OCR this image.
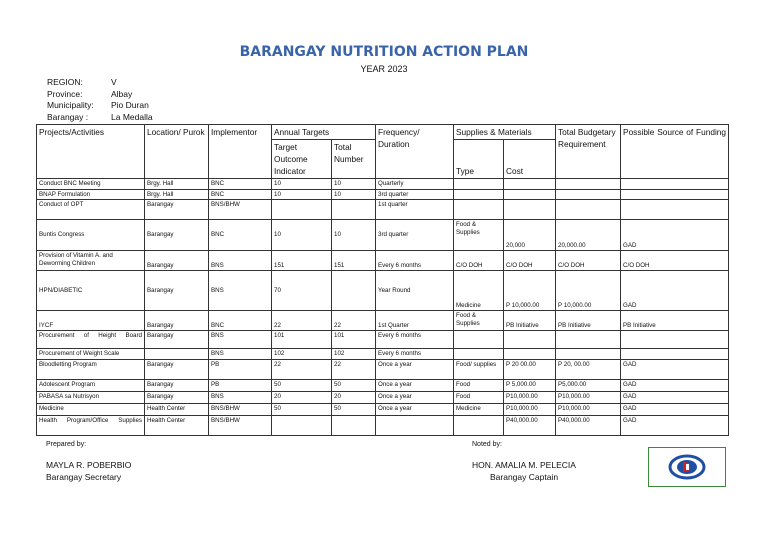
BARANGAY NUTRITION ACTION PLAN
YEAR 2023
REGION:	V
Province:	Albay
Municipality:	Pio Duran
Barangay :	La Medalla
Projects/Activities	Location/ Purok	Implementor	Annual Targets		Frequency/ Duration	Supplies & Materials		Total Budgetary Requirement	Possible Source of Funding
			Target Outcome Indicator	Total Number		Type	Cost		
Conduct BNC Meeting	Brgy. Hall	BNC	10	10	Quarterly				
BNAP Formulation	Brgy. Hall	BNC	10	10	3rd quarter				
Conduct of OPT	Barangay	BNS/BHW			1st quarter				
Buntis Congress	Barangay	BNC	10	10	3rd quarter	Food & Supplies	20,000	20,000.00	GAD
Provision of Vitamin A. and Deworming Children	Barangay	BNS	151	151	Every 6 months	C/O DOH	C/O DOH	C/O DOH	C/O DOH
HPN/DIABETIC	Barangay	BNS	70		Year Round	Medicine	P 10,000.00	P 10,000.00	GAD
IYCF	Barangay	BNC	22	22	1st Quarter	Food & Supplies	PB Initiative	PB Initiative	PB Initiative
Procurement of Height Board	Barangay	BNS	101	101	Every 6 months				
Procurement of Weight Scale		BNS	102	102	Every 6 months				
Bloodletting Program	Barangay	PB	22	22	Once a year	Food/ supplies	P 20 00.00	P 20, 00.00	GAD
Adolescent Program	Barangay	PB	50	50	Once a year	Food	P 5,000.00	P5,000.00	GAD
PABASA sa Nutrisyon	Barangay	BNS	20	20	Once a year	Food	P10,000.00	P10,000.00	GAD
Medicine	Health Center	BNS/BHW	50	50	Once a year	Medicine	P10,000.00	P10,000.00	GAD
Health Program/Office Supplies	Health Center	BNS/BHW					P40,000.00	P40,000.00	GAD
Prepared by:
MAYLA R. POBERBIO
Barangay Secretary
Noted by:
HON. AMALIA M. PELECIA
Barangay Captain
